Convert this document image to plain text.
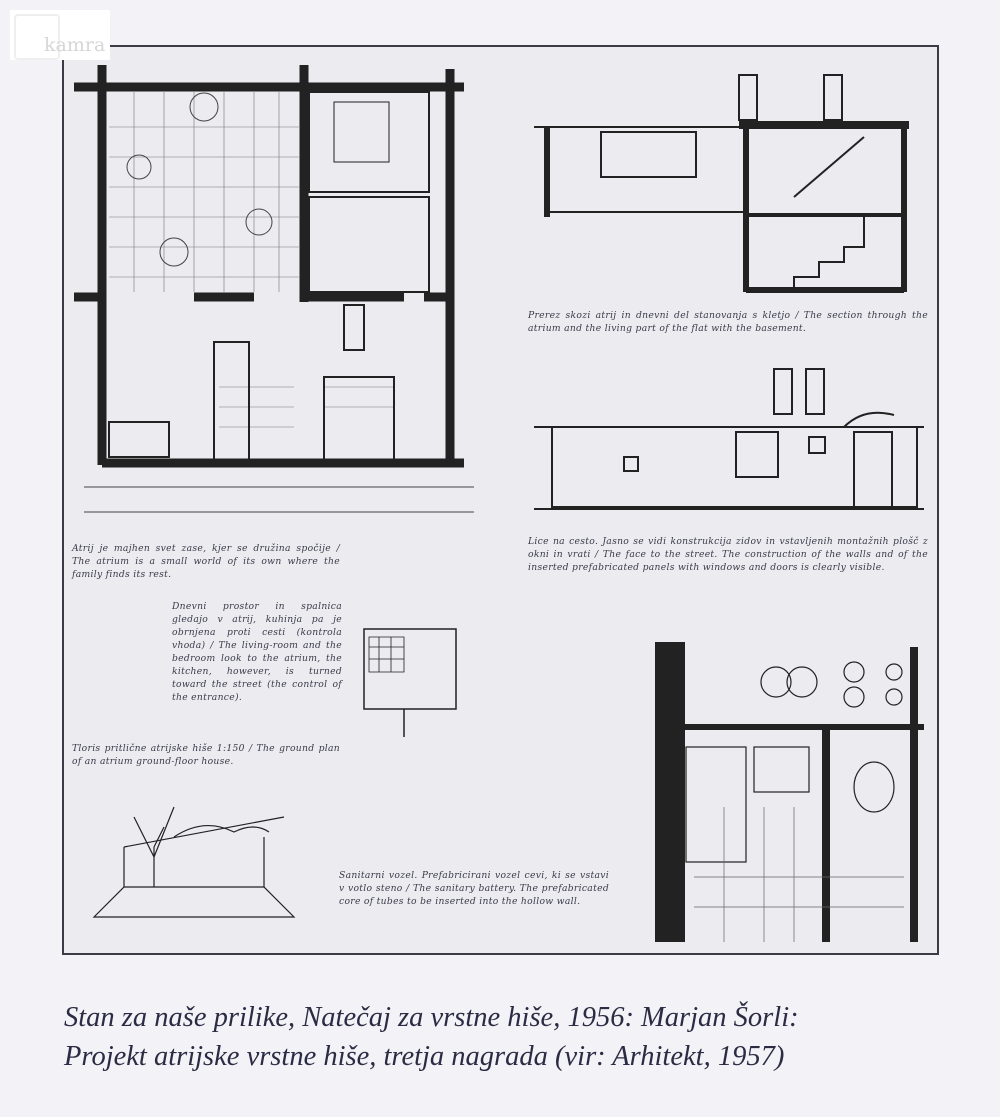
kamra

Prerez skozi atrij in dnevni del stanovanja s kletjo / The section through the atrium and the living part of the flat with the basement.

Lice na cesto. Jasno se vidi konstrukcija zidov in vstavljenih montažnih plošč z okni in vrati / The face to the street. The construction of the walls and of the inserted prefabricated panels with windows and doors is clearly visible.

Atrij je majhen svet zase, kjer se družina spočije / The atrium is a small world of its own where the family finds its rest.

Dnevni prostor in spalnica gledajo v atrij, kuhinja pa je obrnjena proti cesti (kontrola vhoda) / The living-room and the bedroom look to the atrium, the kitchen, however, is turned toward the street (the control of the entrance).

Tloris pritlične atrijske hiše 1:150 / The ground plan of an atrium ground-floor house.

Sanitarni vozel. Prefabricirani vozel cevi, ki se vstavi v votlo steno / The sanitary battery. The prefabricated core of tubes to be inserted into the hollow wall.

Stan za naše prilike, Natečaj za vrstne hiše, 1956: Marjan Šorli:
Projekt atrijske vrstne hiše, tretja nagrada (vir: Arhitekt, 1957)
